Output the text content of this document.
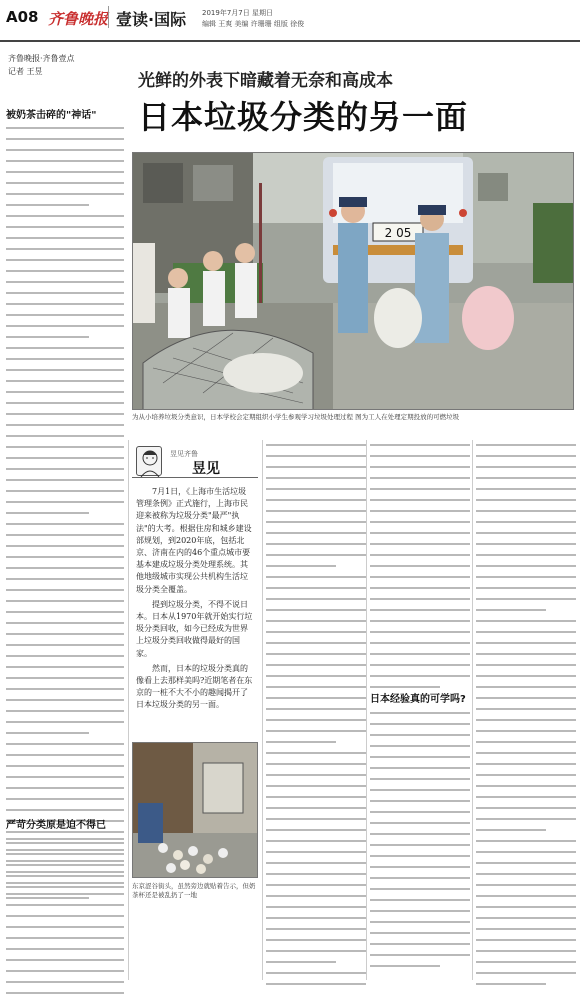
A08 齐鲁晚报 壹读·国际 2019年7月7日 星期日
编辑 王爽 美编 许珊珊 组版 徐俊
齐鲁晚报·齐鲁壹点
记者 王昱	光鲜的外表下暗藏着无奈和高成本
日本垃圾分类的另一面
被奶茶击碎的"神话"
严苛分类原是迫不得已
2 05
为从小培养垃圾分类意识，日本学校会定期组织小学生参观学习垃圾处理过程 图为工人在处理定期投放的可燃垃圾
昱见齐鲁
昱见

7月1日，《上海市生活垃圾管理条例》正式施行，上海市民迎来被称为垃圾分类"最严"执法"的大考。根据住房和城乡建设部规划，到2020年底，包括北京、济南在内的46个重点城市要基本建成垃圾分类处理系统。其他地级城市实现公共机构生活垃圾分类全覆盖。

提到垃圾分类，不得不说日本。日本从1970年就开始实行垃圾分类回收，如今已经成为世界上垃圾分类回收做得最好的国家。

然而，日本的垃圾分类真的像看上去那样美吗?近期笔者在东京的一桩不大不小的趣闻揭开了日本垃圾分类的另一面。

东京涩谷街头，虽然旁边就贴着告示，但奶茶杯还是被乱扔了一地
日本经验真的可学吗?
